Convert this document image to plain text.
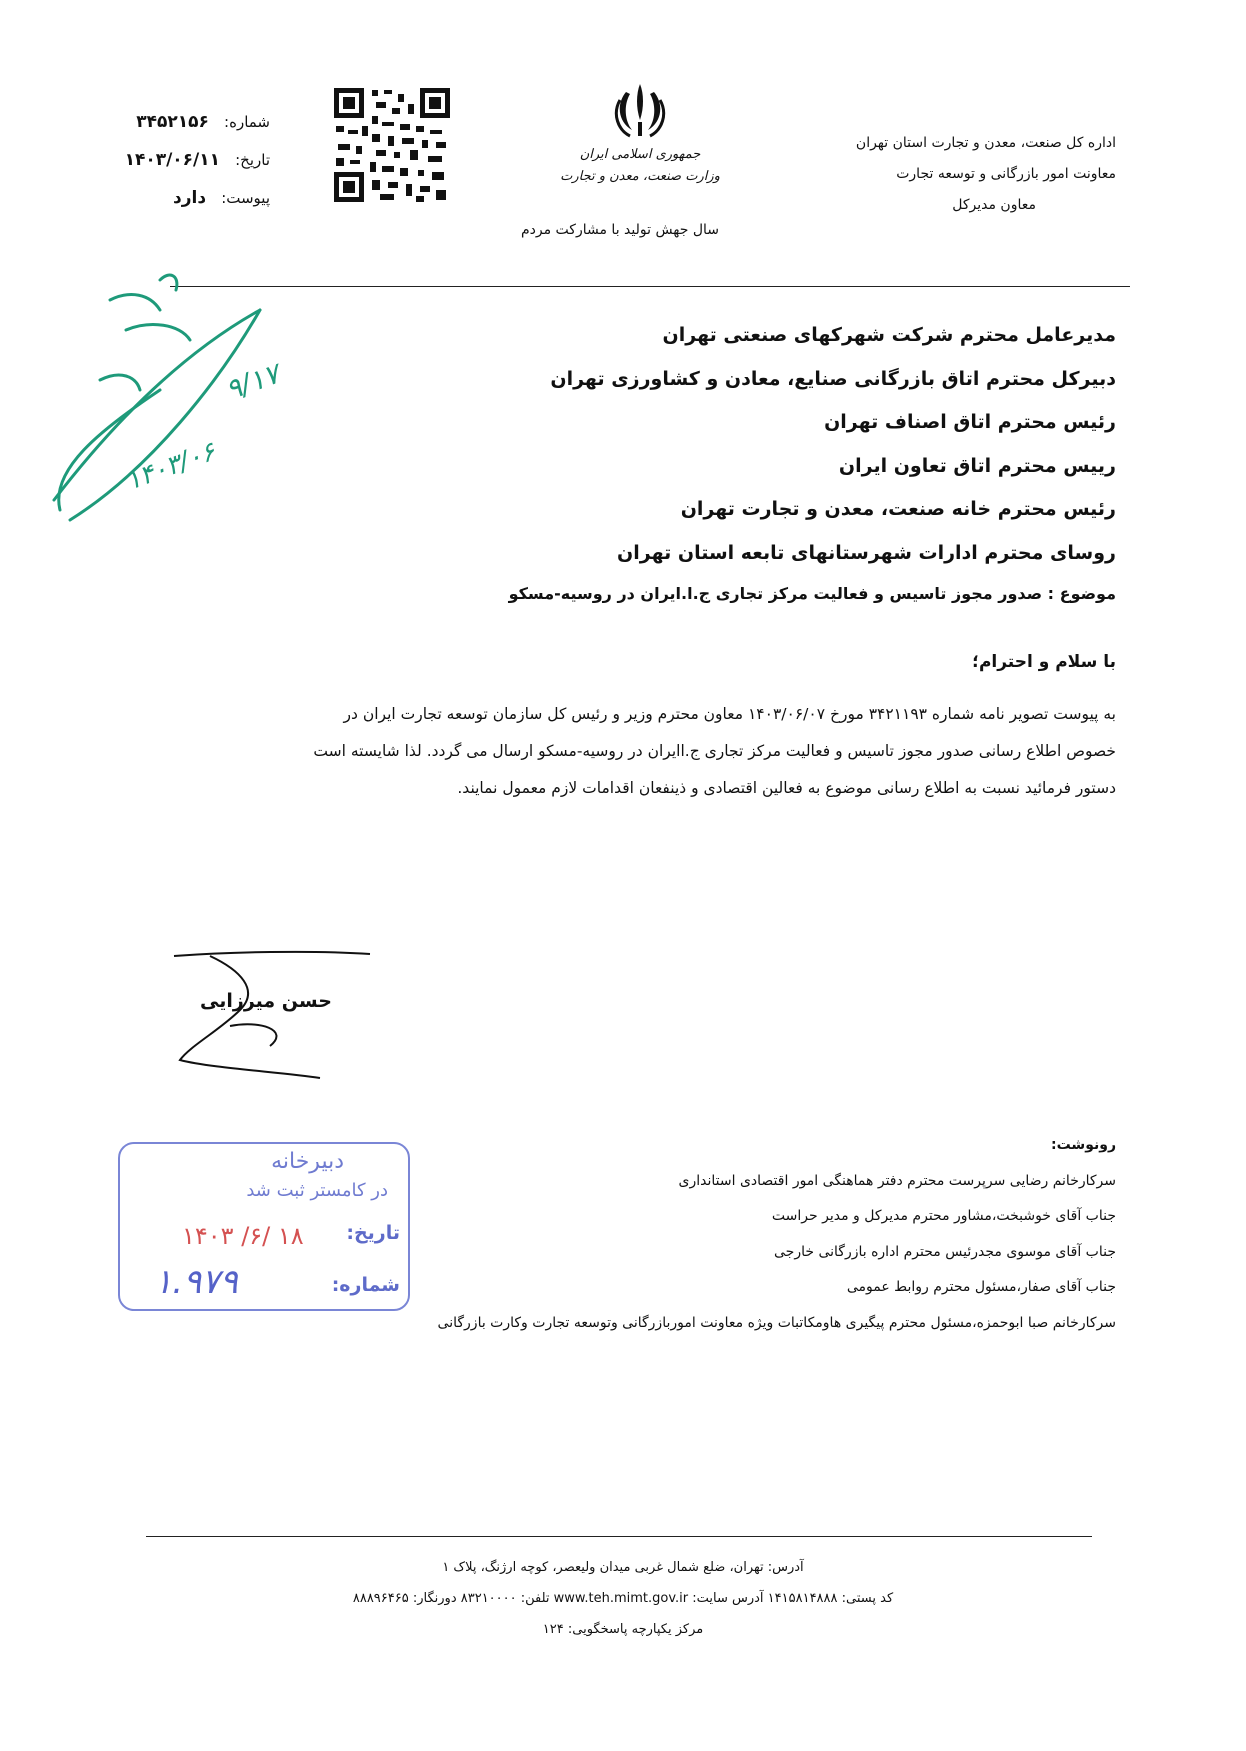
شماره: ۳۴۵۲۱۵۶
تاریخ: ۱۴۰۳/۰۶/۱۱
پیوست: دارد
جمهوری اسلامی ایران
وزارت صنعت، معدن و تجارت
سال جهش تولید با مشارکت مردم
اداره کل صنعت، معدن و تجارت استان تهران
معاونت امور بازرگانی و توسعه تجارت
معاون مدیرکل
۹/۱۷
۱۴۰۳/۰۶
مدیرعامل محترم شرکت شهرکهای صنعتی تهران
دبیرکل محترم اتاق بازرگانی صنایع، معادن و کشاورزی تهران
رئیس محترم اتاق اصناف تهران
رییس محترم اتاق تعاون ایران
رئیس محترم خانه صنعت، معدن و تجارت تهران
روسای محترم ادارات شهرستانهای تابعه استان تهران
موضوع : صدور مجوز تاسیس و فعالیت مرکز تجاری ج.ا.ایران در روسیه-مسکو
با سلام و احترام؛
به پیوست تصویر نامه شماره ۳۴۲۱۱۹۳ مورخ ۱۴۰۳/۰۶/۰۷ معاون محترم وزیر و رئیس کل سازمان توسعه تجارت ایران در
خصوص اطلاع رسانی صدور مجوز تاسیس و فعالیت مرکز تجاری ج.اایران در روسیه-مسکو ارسال می گردد. لذا شایسته است
دستور فرمائید نسبت به اطلاع رسانی موضوع به فعالین اقتصادی و ذینفعان اقدامات لازم معمول نمایند.
حسن میرزایی
رونوشت:
سرکارخانم رضایی سرپرست محترم دفتر هماهنگی امور اقتصادی استانداری
جناب آقای خوشبخت،مشاور محترم مدیرکل و مدیر حراست
جناب آقای موسوی مجدرئیس محترم اداره بازرگانی خارجی
جناب آقای صفار،مسئول محترم روابط عمومی
سرکارخانم صبا ابوحمزه،مسئول محترم پیگیری هاومکاتبات ویژه معاونت اموربازرگانی وتوسعه تجارت وکارت بازرگانی
دبیرخانه
در کامستر ثبت شد
تاریخ:
۱۴۰۳ /۶/ ۱۸
شماره:
۱.۹۷۹
آدرس: تهران، ضلع شمال غربی میدان ولیعصر، کوچه ارژنگ، پلاک ۱
کد پستی: ۱۴۱۵۸۱۴۸۸۸ آدرس سایت: www.teh.mimt.gov.ir تلفن: ۸۳۲۱۰۰۰۰ دورنگار: ۸۸۸۹۶۴۶۵
مرکز یکپارچه پاسخگویی: ۱۲۴
